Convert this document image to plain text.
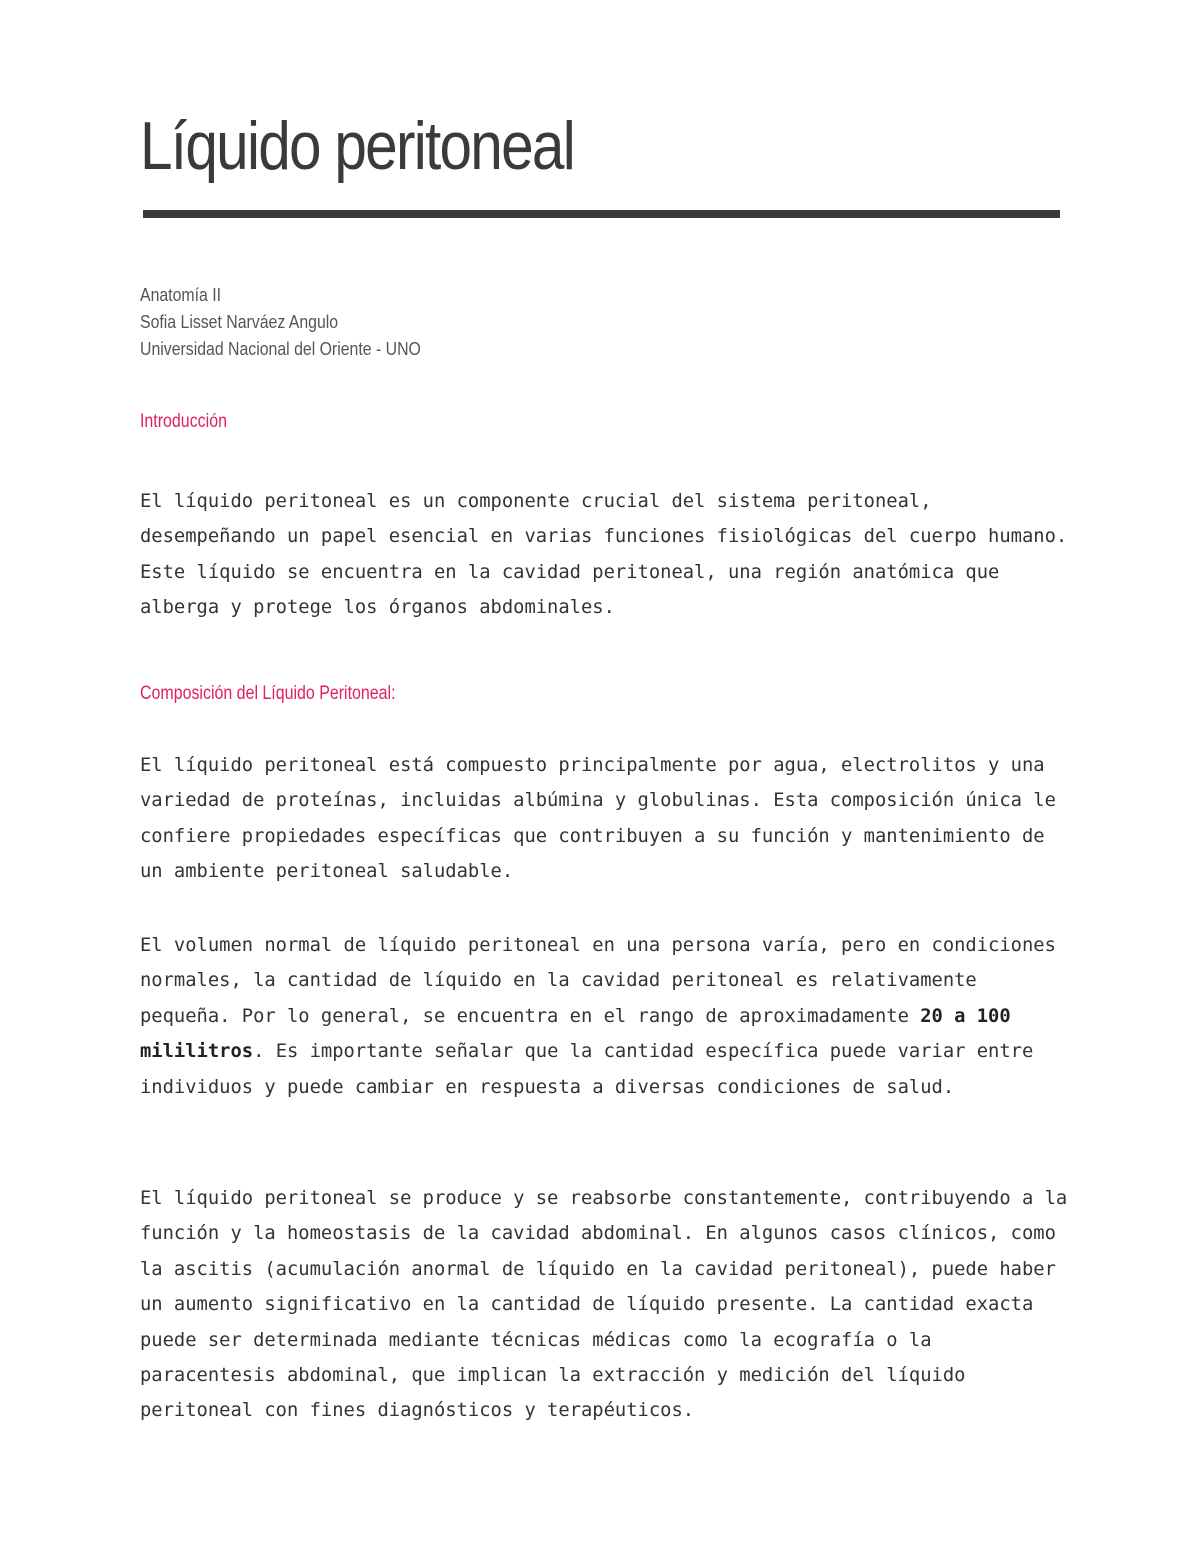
Líquido peritoneal
Anatomía II
Sofia Lisset Narváez Angulo
Universidad Nacional del Oriente - UNO
Introducción

El líquido peritoneal es un componente crucial del sistema peritoneal, desempeñando un papel esencial en varias funciones fisiológicas del cuerpo humano. Este líquido se encuentra en la cavidad peritoneal, una región anatómica que alberga y protege los órganos abdominales.

Composición del Líquido Peritoneal:

El líquido peritoneal está compuesto principalmente por agua, electrolitos y una variedad de proteínas, incluidas albúmina y globulinas. Esta composición única le confiere propiedades específicas que contribuyen a su función y mantenimiento de un ambiente peritoneal saludable.

El volumen normal de líquido peritoneal en una persona varía, pero en condiciones normales, la cantidad de líquido en la cavidad peritoneal es relativamente pequeña. Por lo general, se encuentra en el rango de aproximadamente 20 a 100 mililitros. Es importante señalar que la cantidad específica puede variar entre individuos y puede cambiar en respuesta a diversas condiciones de salud.

El líquido peritoneal se produce y se reabsorbe constantemente, contribuyendo a la función y la homeostasis de la cavidad abdominal. En algunos casos clínicos, como la ascitis (acumulación anormal de líquido en la cavidad peritoneal), puede haber un aumento significativo en la cantidad de líquido presente. La cantidad exacta puede ser determinada mediante técnicas médicas como la ecografía o la paracentesis abdominal, que implican la extracción y medición del líquido peritoneal con fines diagnósticos y terapéuticos.
